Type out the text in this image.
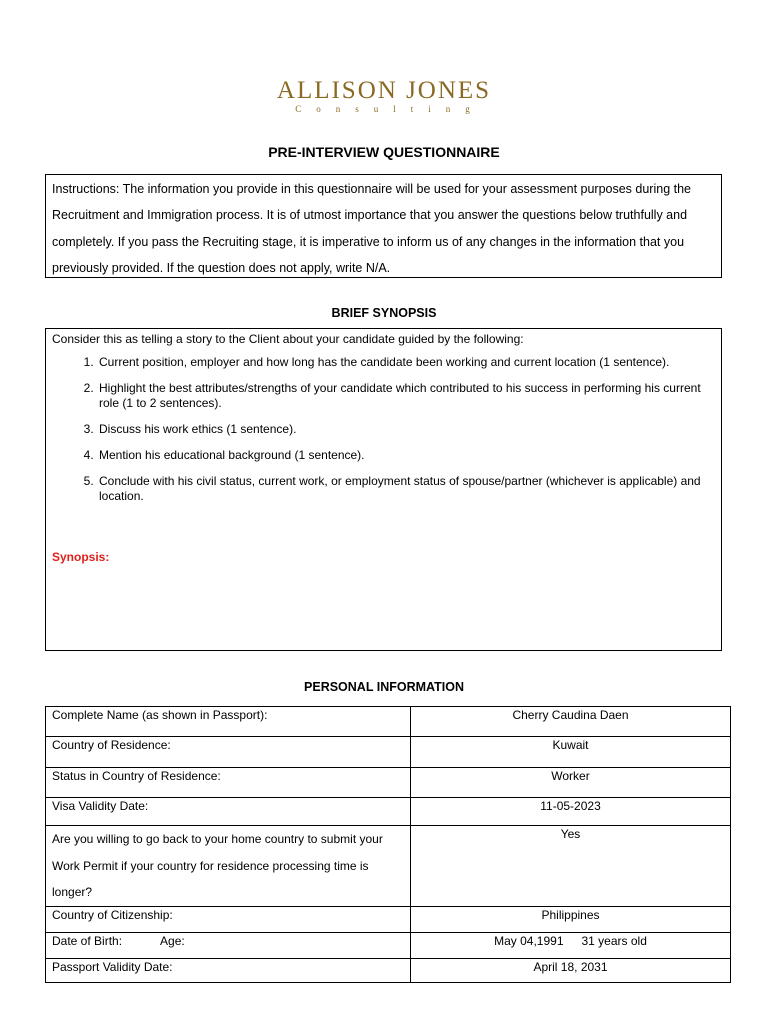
ALLISON JONES
Consulting
PRE-INTERVIEW QUESTIONNAIRE
Instructions: The information you provide in this questionnaire will be used for your assessment purposes during the Recruitment and Immigration process. It is of utmost importance that you answer the questions below truthfully and completely. If you pass the Recruiting stage, it is imperative to inform us of any changes in the information that you previously provided. If the question does not apply, write N/A.
BRIEF SYNOPSIS
Consider this as telling a story to the Client about your candidate guided by the following:
1. Current position, employer and how long has the candidate been working and current location (1 sentence).
2. Highlight the best attributes/strengths of your candidate which contributed to his success in performing his current role (1 to 2 sentences).
3. Discuss his work ethics (1 sentence).
4. Mention his educational background (1 sentence).
5. Conclude with his civil status, current work, or employment status of spouse/partner (whichever is applicable) and location.
Synopsis:
PERSONAL INFORMATION
Complete Name (as shown in Passport):	Cherry Caudina Daen
Country of Residence:	Kuwait
Status in Country of Residence:	Worker
Visa Validity Date:	11-05-2023
Are you willing to go back to your home country to submit your Work Permit if your country for residence processing time is longer?	Yes
Country of Citizenship:	Philippines
Date of Birth: Age:	May 04,1991 31 years old
Passport Validity Date:	April 18, 2031
